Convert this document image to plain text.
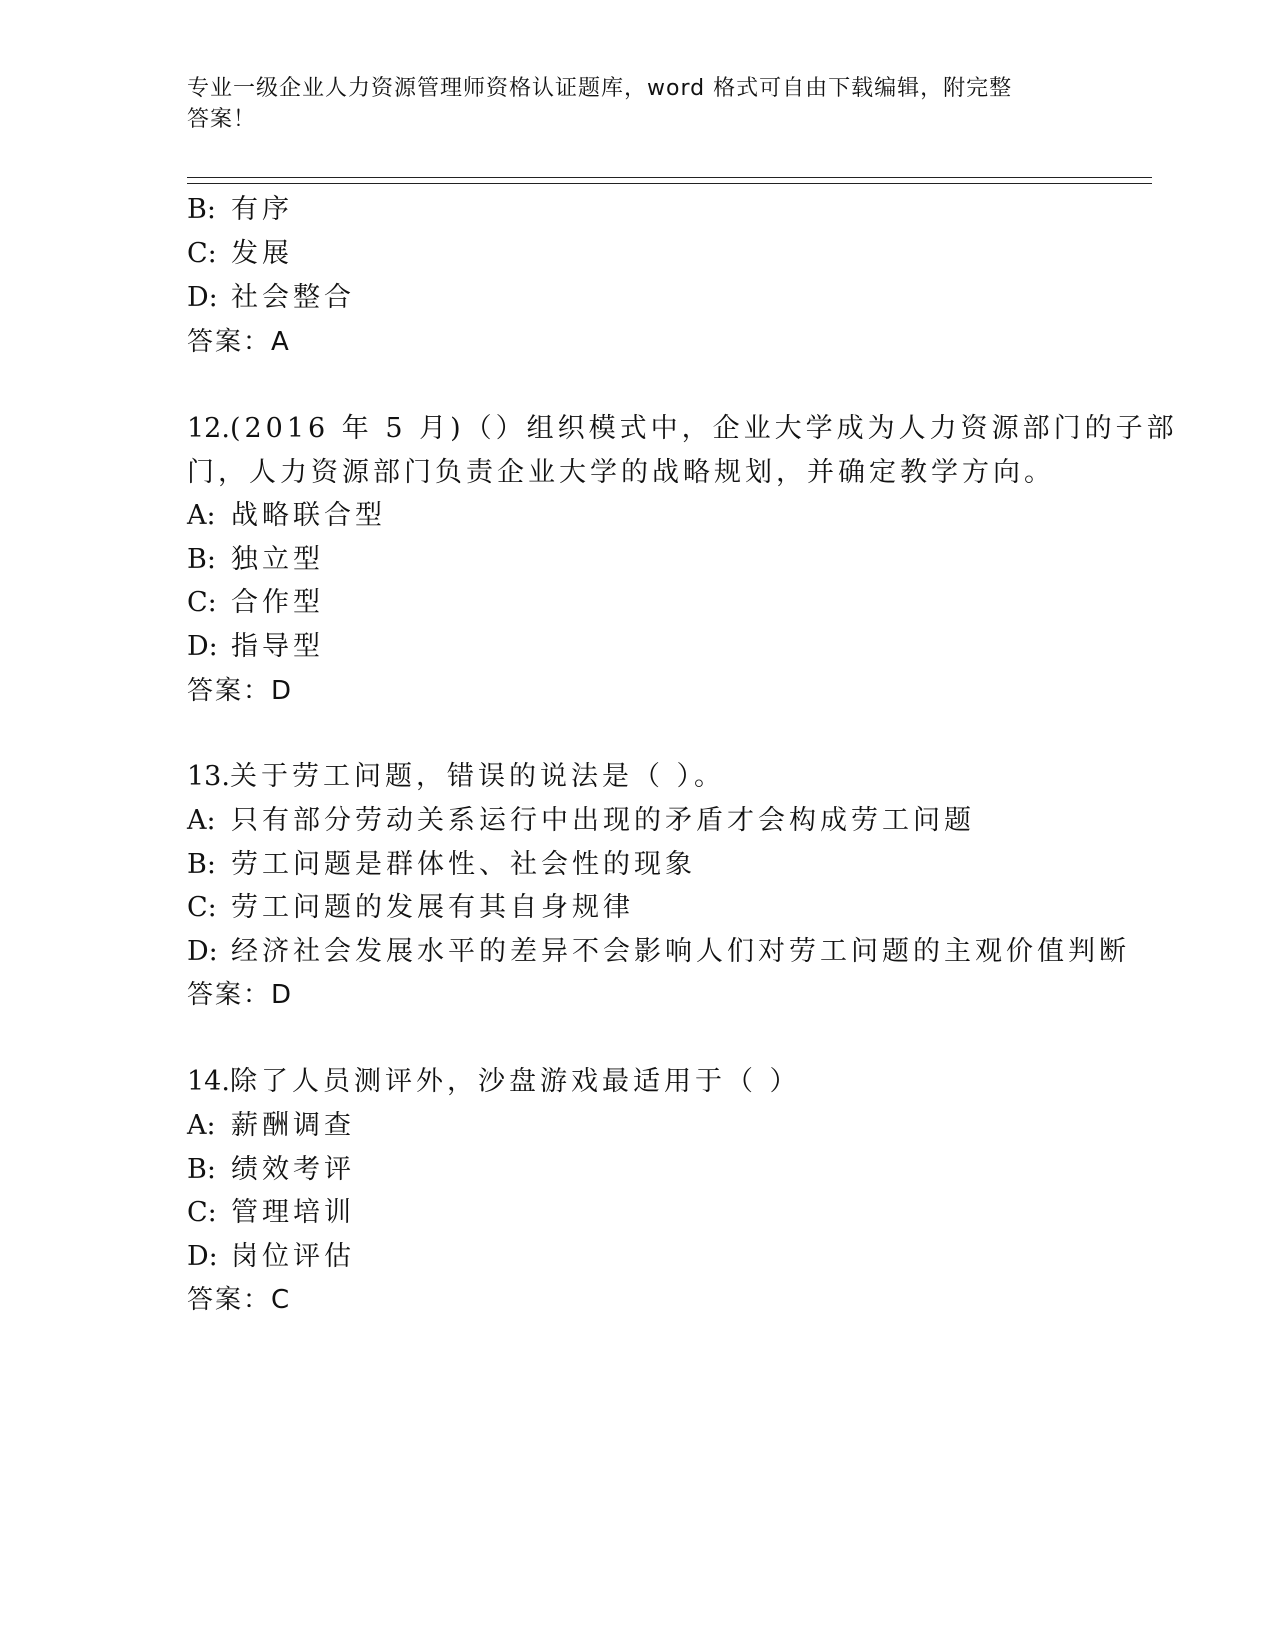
专业一级企业人力资源管理师资格认证题库，word 格式可自由下载编辑，附完整
答案！
B: 有序
C: 发展
D: 社会整合
答案：A
12.(2016 年 5 月)（）组织模式中，企业大学成为人力资源部门的子部
门，人力资源部门负责企业大学的战略规划，并确定教学方向。
A: 战略联合型
B: 独立型
C: 合作型
D: 指导型
答案：D
13.关于劳工问题，错误的说法是（ ）。
A: 只有部分劳动关系运行中出现的矛盾才会构成劳工问题
B: 劳工问题是群体性、社会性的现象
C: 劳工问题的发展有其自身规律
D: 经济社会发展水平的差异不会影响人们对劳工问题的主观价值判断
答案：D
14.除了人员测评外，沙盘游戏最适用于（ ）
A: 薪酬调查
B: 绩效考评
C: 管理培训
D: 岗位评估
答案：C
